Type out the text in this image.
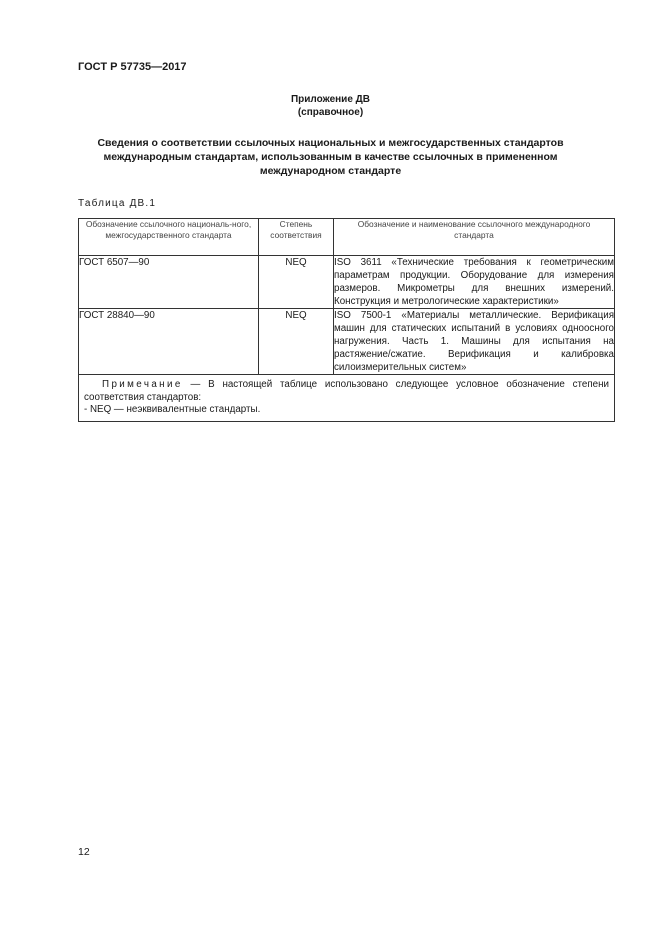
ГОСТ Р 57735—2017
Приложение ДВ
(справочное)
Сведения о соответствии ссылочных национальных и межгосударственных стандартов
международным стандартам, использованным в качестве ссылочных в примененном
международном стандарте
Таблица ДВ.1
Обозначение ссылочного националь-ного, межгосударственного стандарта	Степень соответствия	Обозначение и наименование ссылочного международного стандарта
ГОСТ 6507—90	NEQ	ISO 3611 «Технические требования к геометрическим параметрам продукции. Оборудование для измерения размеров. Микрометры для внешних измерений. Конструкция и метрологические характеристики»
ГОСТ 28840—90	NEQ	ISO 7500-1 «Материалы металлические. Верификация машин для статических испытаний в условиях одноосного нагружения. Часть 1. Машины для испытания на растяжение/сжатие. Верификация и калибровка силоизмерительных систем»
Примечание — В настоящей таблице использовано следующее условное обозначение степени соответствия стандартов:
- NEQ — неэквивалентные стандарты.		
12
